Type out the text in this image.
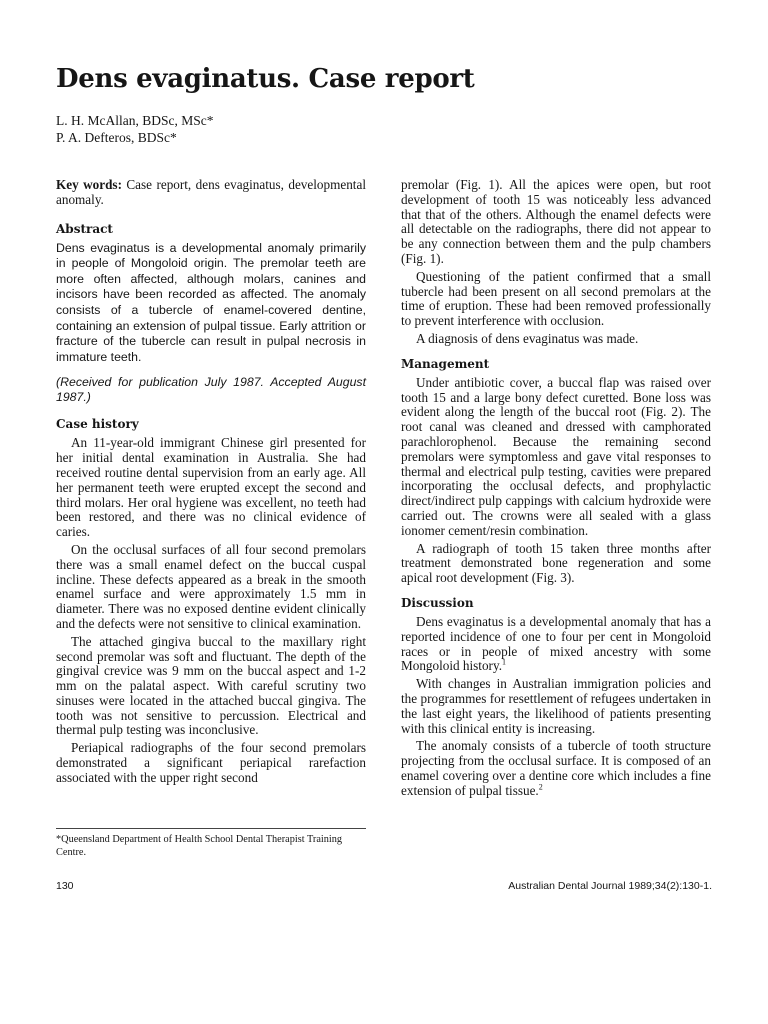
Dens evaginatus. Case report
L. H. McAllan, BDSc, MSc*
P. A. Defteros, BDSc*

Key words: Case report, dens evaginatus, developmental anomaly.

Abstract
Dens evaginatus is a developmental anomaly primarily in people of Mongoloid origin. The premolar teeth are more often affected, although molars, canines and incisors have been recorded as affected. The anomaly consists of a tubercle of enamel-covered dentine, containing an extension of pulpal tissue. Early attrition or fracture of the tubercle can result in pulpal necrosis in immature teeth.
(Received for publication July 1987. Accepted August 1987.)
Case history

An 11-year-old immigrant Chinese girl presented for her initial dental examination in Australia. She had received routine dental supervision from an early age. All her permanent teeth were erupted except the second and third molars. Her oral hygiene was excellent, no teeth had been restored, and there was no clinical evidence of caries.

On the occlusal surfaces of all four second premolars there was a small enamel defect on the buccal cuspal incline. These defects appeared as a break in the smooth enamel surface and were approximately 1.5 mm in diameter. There was no exposed dentine evident clinically and the defects were not sensitive to clinical examination.

The attached gingiva buccal to the maxillary right second premolar was soft and fluctuant. The depth of the gingival crevice was 9 mm on the buccal aspect and 1-2 mm on the palatal aspect. With careful scrutiny two sinuses were located in the attached buccal gingiva. The tooth was not sensitive to percussion. Electrical and thermal pulp testing was inconclusive.

Periapical radiographs of the four second premolars demonstrated a significant periapical rarefaction associated with the upper right second

premolar (Fig. 1). All the apices were open, but root development of tooth 15 was noticeably less advanced that that of the others. Although the enamel defects were all detectable on the radiographs, there did not appear to be any connection between them and the pulp chambers (Fig. 1).

Questioning of the patient confirmed that a small tubercle had been present on all second premolars at the time of eruption. These had been removed professionally to prevent interference with occlusion.

A diagnosis of dens evaginatus was made.

Management

Under antibiotic cover, a buccal flap was raised over tooth 15 and a large bony defect curetted. Bone loss was evident along the length of the buccal root (Fig. 2). The root canal was cleaned and dressed with camphorated parachlorophenol. Because the remaining second premolars were symptomless and gave vital responses to thermal and electrical pulp testing, cavities were prepared incorporating the occlusal defects, and prophylactic direct/indirect pulp cappings with calcium hydroxide were carried out. The crowns were all sealed with a glass ionomer cement/resin combination.

A radiograph of tooth 15 taken three months after treatment demonstrated bone regeneration and some apical root development (Fig. 3).

Discussion

Dens evaginatus is a developmental anomaly that has a reported incidence of one to four per cent in Mongoloid races or in people of mixed ancestry with some Mongoloid history.$^1$

With changes in Australian immigration policies and the programmes for resettlement of refugees undertaken in the last eight years, the likelihood of patients presenting with this clinical entity is increasing.

The anomaly consists of a tubercle of tooth structure projecting from the occlusal surface. It is composed of an enamel covering over a dentine core which includes a fine extension of pulpal tissue.$^2$

*Queensland Department of Health School Dental Therapist Training Centre.
130	Australian Dental Journal 1989;34(2):130-1.
